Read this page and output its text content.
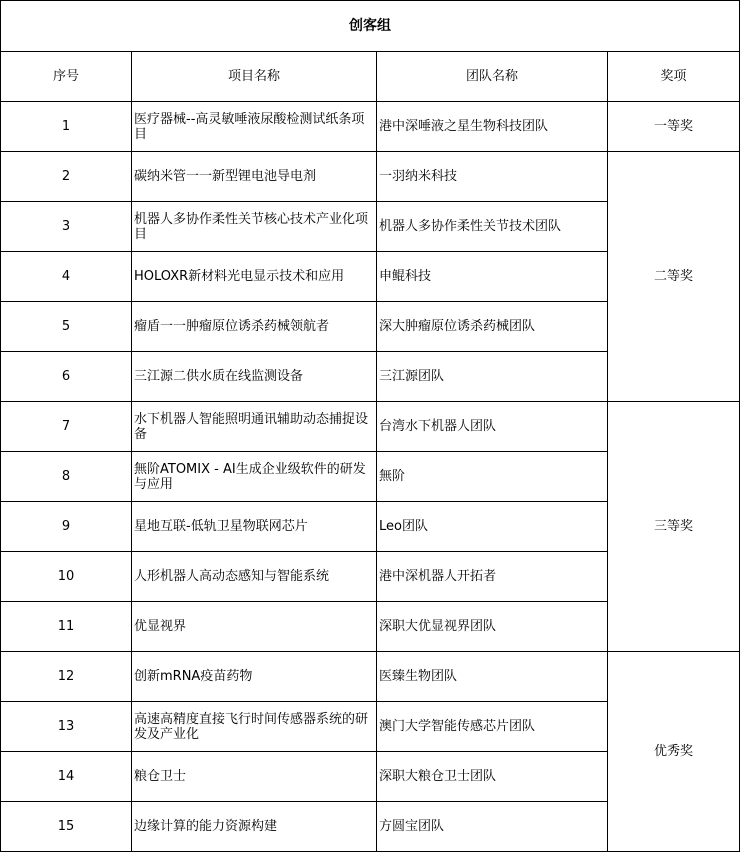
创客组			
序号	项目名称	团队名称	奖项
1	医疗器械--高灵敏唾液尿酸检测试纸条项目	港中深唾液之星生物科技团队	一等奖
2	碳纳米管一一新型锂电池导电剂	一羽纳米科技	二等奖
3	机器人多协作柔性关节核心技术产业化项目	机器人多协作柔性关节技术团队	
4	HOLOXR新材料光电显示技术和应用	申鲲科技	
5	瘤盾一一肿瘤原位诱杀药械领航者	深大肿瘤原位诱杀药械团队	
6	三江源二供水质在线监测设备	三江源团队	
7	水下机器人智能照明通讯辅助动态捕捉设备	台湾水下机器人团队	三等奖
8	無阶ATOMIX - AI生成企业级软件的研发与应用	無阶	
9	星地互联-低轨卫星物联网芯片	Leo团队	
10	人形机器人高动态感知与智能系统	港中深机器人开拓者	
11	优显视界	深职大优显视界团队	
12	创新mRNA疫苗药物	医臻生物团队	优秀奖
13	高速高精度直接飞行时间传感器系统的研发及产业化	澳门大学智能传感芯片团队	
14	粮仓卫士	深职大粮仓卫士团队	
15	边缘计算的能力资源构建	方圆宝团队	
